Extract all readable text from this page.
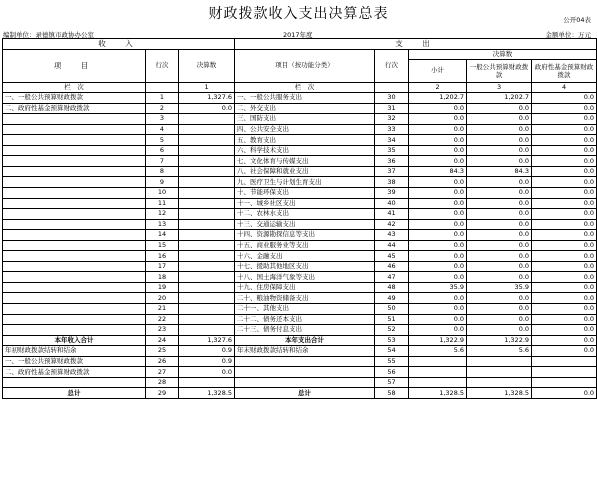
财政拨款收入支出决算总表	公开04表
编制单位：录德镇市政协办公室	2017年度	金额单位：万元
收　入			支　出				
项　目	行次	决算数	项目（按功能分类）	行次	决算数		
					小计	一般公共预算财政拨款	政府性基金预算财政拨款
栏　次		1	栏　次		2	3	4
一、一般公共预算财政拨款	1	1,327.6	一、一般公共服务支出	30	1,202.7	1,202.7	0.0
二、政府性基金预算财政拨款	2	0.0	二、外交支出	31	0.0	0.0	0.0
	3		三、国防支出	32	0.0	0.0	0.0
	4		四、公共安全支出	33	0.0	0.0	0.0
	5		五、教育支出	34	0.0	0.0	0.0
	6		六、科学技术支出	35	0.0	0.0	0.0
	7		七、文化体育与传媒支出	36	0.0	0.0	0.0
	8		八、社会保障和就业支出	37	84.3	84.3	0.0
	9		九、医疗卫生与计划生育支出	38	0.0	0.0	0.0
	10		十、节能环保支出	39	0.0	0.0	0.0
	11		十一、城乡社区支出	40	0.0	0.0	0.0
	12		十二、农林水支出	41	0.0	0.0	0.0
	13		十三、交通运输支出	42	0.0	0.0	0.0
	14		十四、资源勘探信息等支出	43	0.0	0.0	0.0
	15		十五、商业服务业等支出	44	0.0	0.0	0.0
	16		十六、金融支出	45	0.0	0.0	0.0
	17		十七、援助其他地区支出	46	0.0	0.0	0.0
	18		十八、国土海洋气象等支出	47	0.0	0.0	0.0
	19		十九、住房保障支出	48	35.9	35.9	0.0
	20		二十、粮油物资储备支出	49	0.0	0.0	0.0
	21		二十一、其他支出	50	0.0	0.0	0.0
	22		二十二、债务还本支出	51	0.0	0.0	0.0
	23		二十三、债务付息支出	52	0.0	0.0	0.0
本年收入合计	24	1,327.6	本年支出合计	53	1,322.9	1,322.9	0.0
年初财政拨款结转和结余	25	0.9	年末财政拨款结转和结余	54	5.6	5.6	0.0
一、一般公共预算财政拨款	26	0.9		55			
二、政府性基金预算财政拨款	27	0.0		56			
	28			57			
总计	29	1,328.5	总计	58	1,328.5	1,328.5	0.0
